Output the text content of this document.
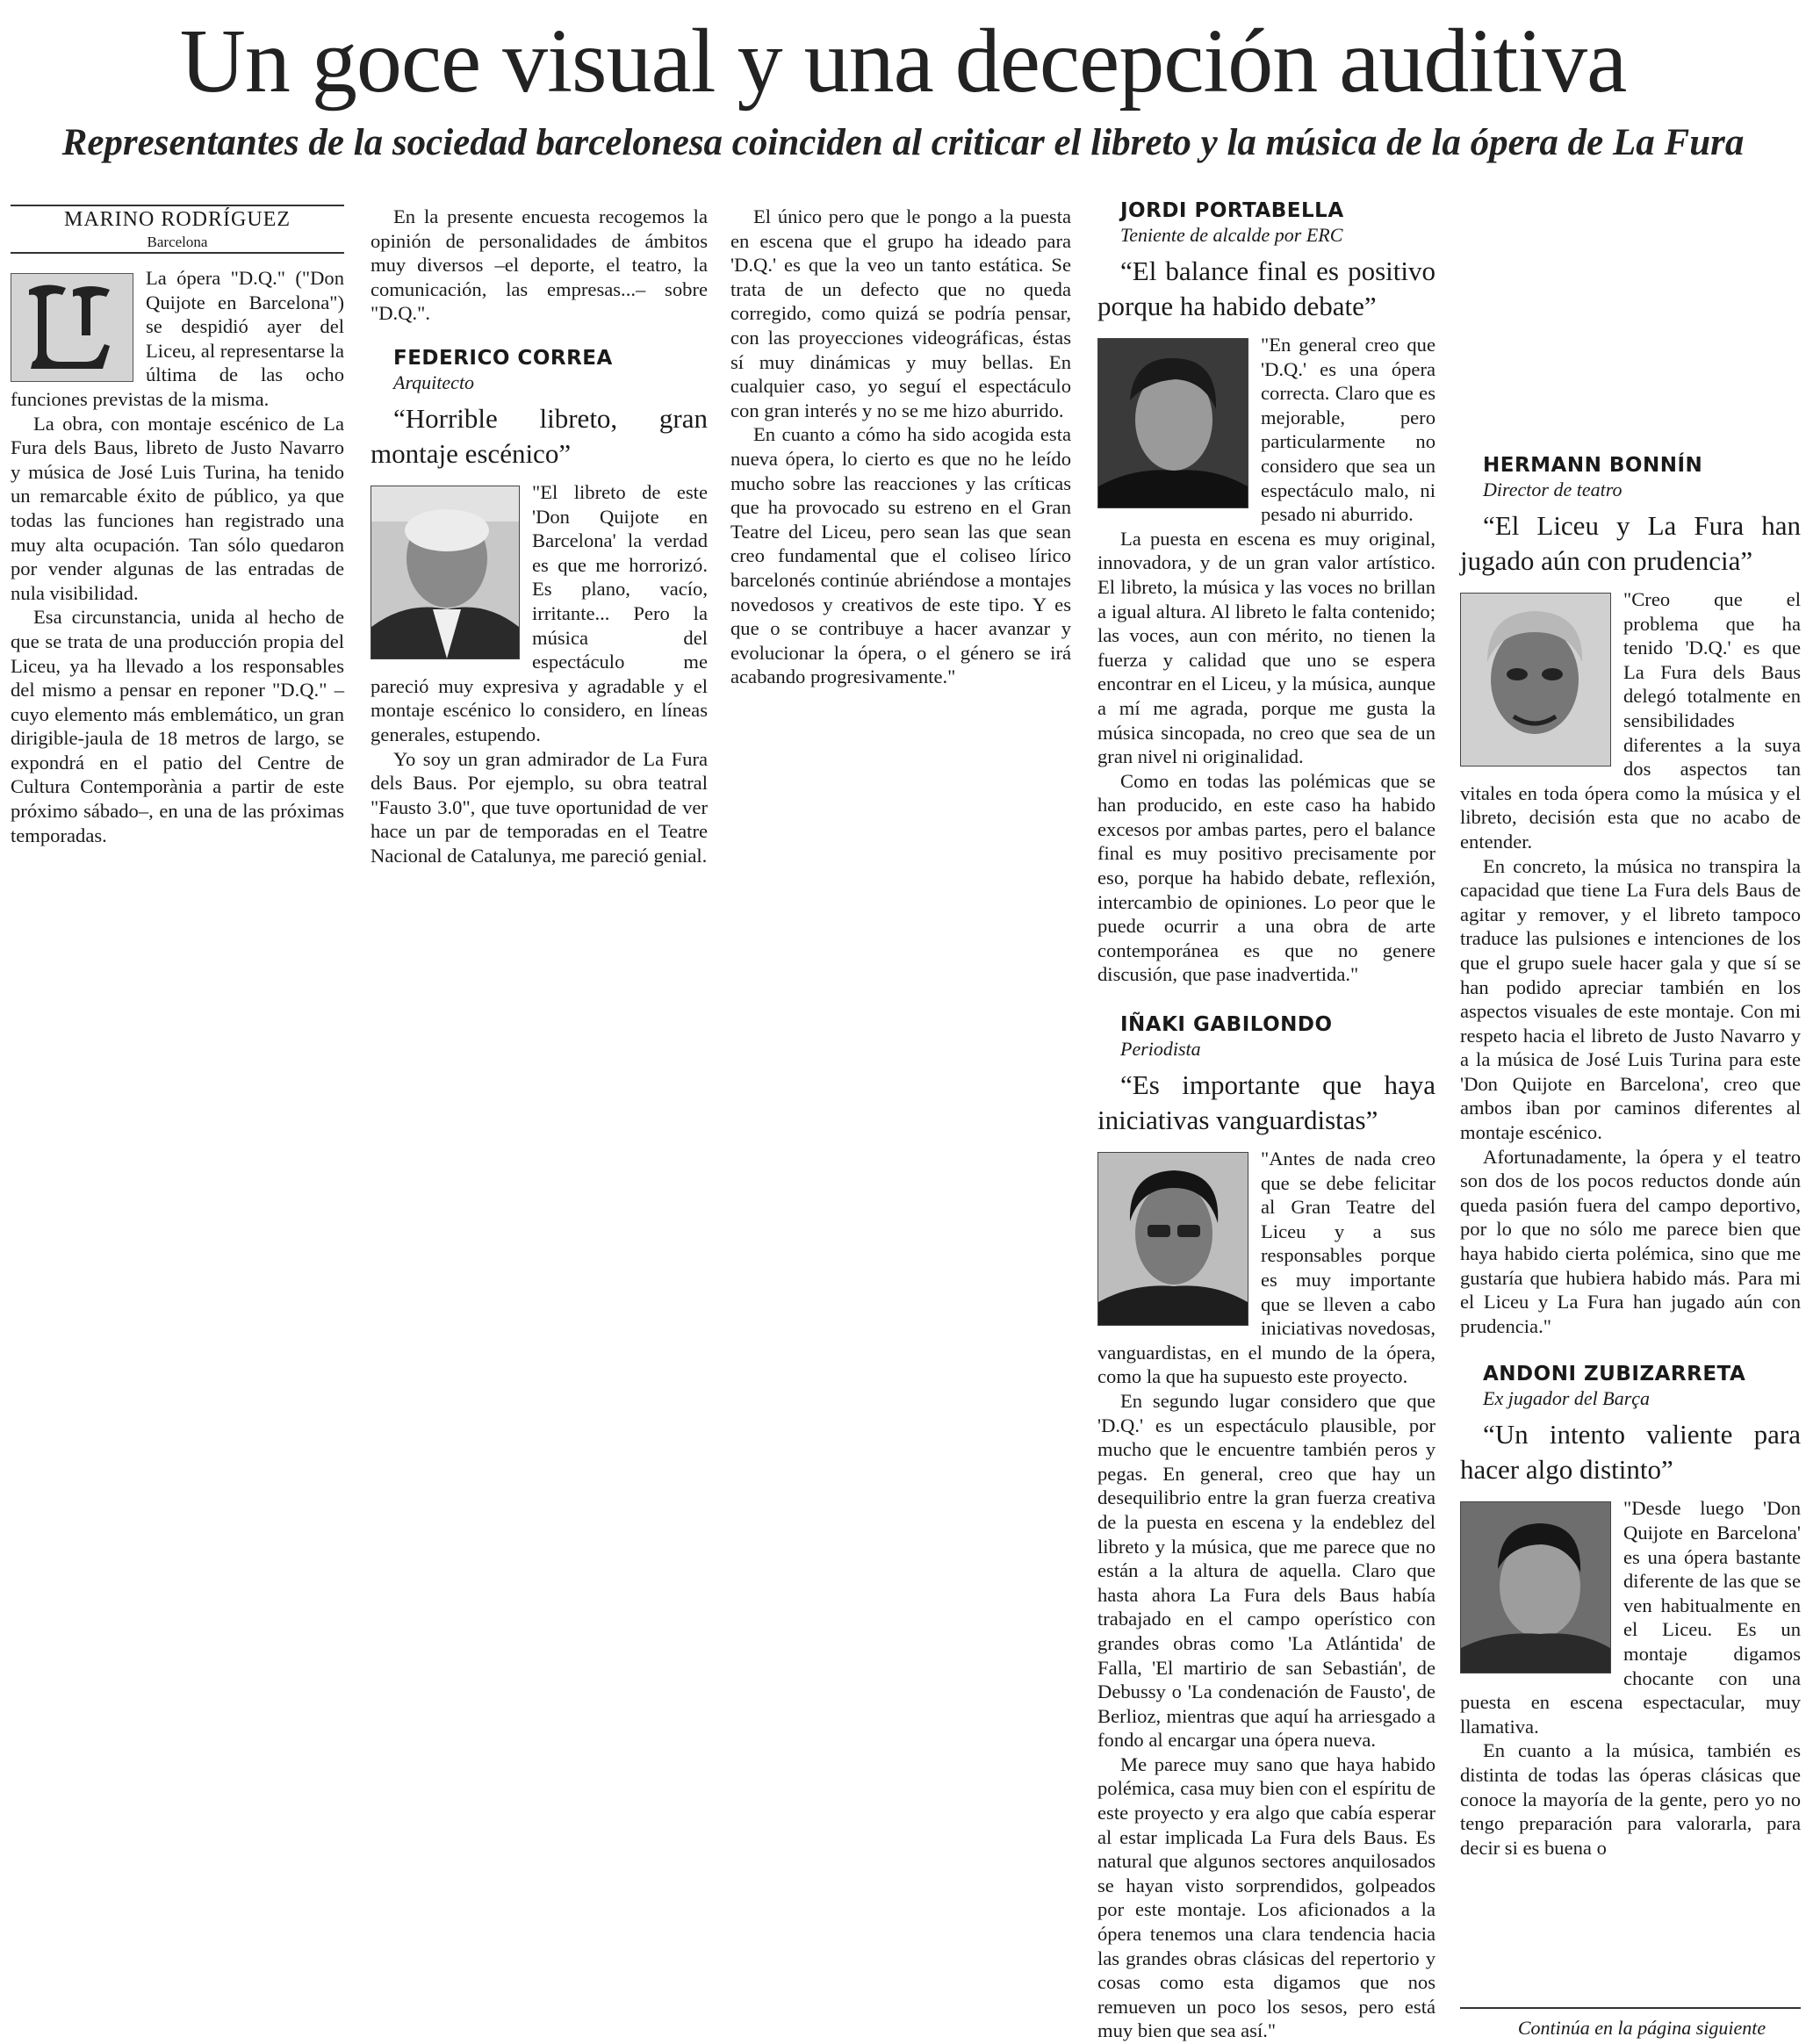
Un goce visual y una decepción auditiva
Representantes de la sociedad barcelonesa coinciden al criticar el libreto y la música de la ópera de La Fura
MARINO RODRÍGUEZ
Barcelona

La ópera "D.Q." ("Don Quijote en Barcelona") se despidió ayer del Liceu, al representarse la última de las ocho funciones previstas de la misma.

La obra, con montaje escénico de La Fura dels Baus, libreto de Justo Navarro y música de José Luis Turina, ha tenido un remarcable éxito de público, ya que todas las funciones han registrado una muy alta ocupación. Tan sólo quedaron por vender algunas de las entradas de nula visibilidad.

Esa circunstancia, unida al hecho de que se trata de una producción propia del Liceu, ya ha llevado a los responsables del mismo a pensar en reponer "D.Q." –cuyo elemento más emblemático, un gran dirigible-jaula de 18 metros de largo, se expondrá en el patio del Centre de Cultura Contemporània a partir de este próximo sábado–, en una de las próximas temporadas.

En la presente encuesta recogemos la opinión de personalidades de ámbitos muy diversos –el deporte, el teatro, la comunicación, las empresas...– sobre "D.Q.".

FEDERICO CORREA

Arquitecto

“Horrible libreto, gran montaje escénico”

"El libreto de este 'Don Quijote en Barcelona' la verdad es que me horrorizó. Es plano, vacío, irritante... Pero la música del espectáculo me pareció muy expresiva y agradable y el montaje escénico lo considero, en líneas generales, estupendo.

Yo soy un gran admirador de La Fura dels Baus. Por ejemplo, su obra teatral "Fausto 3.0", que tuve oportunidad de ver hace un par de temporadas en el Teatre Nacional de Catalunya, me pareció genial.

El único pero que le pongo a la puesta en escena que el grupo ha ideado para 'D.Q.' es que la veo un tanto estática. Se trata de un defecto que no queda corregido, como quizá se podría pensar, con las proyecciones videográficas, éstas sí muy dinámicas y muy bellas. En cualquier caso, yo seguí el espectáculo con gran interés y no se me hizo aburrido.

En cuanto a cómo ha sido acogida esta nueva ópera, lo cierto es que no he leído mucho sobre las reacciones y las críticas que ha provocado su estreno en el Gran Teatre del Liceu, pero sean las que sean creo fundamental que el coliseo lírico barcelonés continúe abriéndose a montajes novedosos y creativos de este tipo. Y es que o se contribuye a hacer avanzar y evolucionar la ópera, o el género se irá acabando progresivamente."

JORDI PORTABELLA

Teniente de alcalde por ERC

“El balance final es positivo porque ha habido debate”

"En general creo que 'D.Q.' es una ópera correcta. Claro que es mejorable, pero particularmente no considero que sea un espectáculo malo, ni pesado ni aburrido.

La puesta en escena es muy original, innovadora, y de un gran valor artístico. El libreto, la música y las voces no brillan a igual altura. Al libreto le falta contenido; las voces, aun con mérito, no tienen la fuerza y calidad que uno se espera encontrar en el Liceu, y la música, aunque a mí me agrada, porque me gusta la música sincopada, no creo que sea de un gran nivel ni originalidad.

Como en todas las polémicas que se han producido, en este caso ha habido excesos por ambas partes, pero el balance final es muy positivo precisamente por eso, porque ha habido debate, reflexión, intercambio de opiniones. Lo peor que le puede ocurrir a una obra de arte contemporánea es que no genere discusión, que pase inadvertida."

IÑAKI GABILONDO

Periodista

“Es importante que haya iniciativas vanguardistas”

"Antes de nada creo que se debe felicitar al Gran Teatre del Liceu y a sus responsables porque es muy importante que se lleven a cabo iniciativas novedosas, vanguardistas, en el mundo de la ópera, como la que ha supuesto este proyecto.

En segundo lugar considero que que 'D.Q.' es un espectáculo plausible, por mucho que le encuentre también peros y pegas. En general, creo que hay un desequilibrio entre la gran fuerza creativa de la puesta en escena y la endeblez del libreto y la música, que me parece que no están a la altura de aquella. Claro que hasta ahora La Fura dels Baus había trabajado en el campo operístico con grandes obras como 'La Atlántida' de Falla, 'El martirio de san Sebastián', de Debussy o 'La condenación de Fausto', de Berlioz, mientras que aquí ha arriesgado a fondo al encargar una ópera nueva.

Me parece muy sano que haya habido polémica, casa muy bien con el espíritu de este proyecto y era algo que cabía esperar al estar implicada La Fura dels Baus. Es natural que algunos sectores anquilosados se hayan visto sorprendidos, golpeados por este montaje. Los aficionados a la ópera tenemos una clara tendencia hacia las grandes obras clásicas del repertorio y cosas como esta digamos que nos remueven un poco los sesos, pero está muy bien que sea así."

HERMANN BONNÍN

Director de teatro

“El Liceu y La Fura han jugado aún con prudencia”

"Creo que el problema que ha tenido 'D.Q.' es que La Fura dels Baus delegó totalmente en sensibilidades diferentes a la suya dos aspectos tan vitales en toda ópera como la música y el libreto, decisión esta que no acabo de entender.

En concreto, la música no transpira la capacidad que tiene La Fura dels Baus de agitar y remover, y el libreto tampoco traduce las pulsiones e intenciones de los que el grupo suele hacer gala y que sí se han podido apreciar también en los aspectos visuales de este montaje. Con mi respeto hacia el libreto de Justo Navarro y a la música de José Luis Turina para este 'Don Quijote en Barcelona', creo que ambos iban por caminos diferentes al montaje escénico.

Afortunadamente, la ópera y el teatro son dos de los pocos reductos donde aún queda pasión fuera del campo deportivo, por lo que no sólo me parece bien que haya habido cierta polémica, sino que me gustaría que hubiera habido más. Para mi el Liceu y La Fura han jugado aún con prudencia."

ANDONI ZUBIZARRETA

Ex jugador del Barça

“Un intento valiente para hacer algo distinto”

"Desde luego 'Don Quijote en Barcelona' es una ópera bastante diferente de las que se ven habitualmente en el Liceu. Es un montaje digamos chocante con una puesta en escena espectacular, muy llamativa.

En cuanto a la música, también es distinta de todas las óperas clásicas que conoce la mayoría de la gente, pero yo no tengo preparación para valorarla, para decir si es buena o

Continúa en la página siguiente
